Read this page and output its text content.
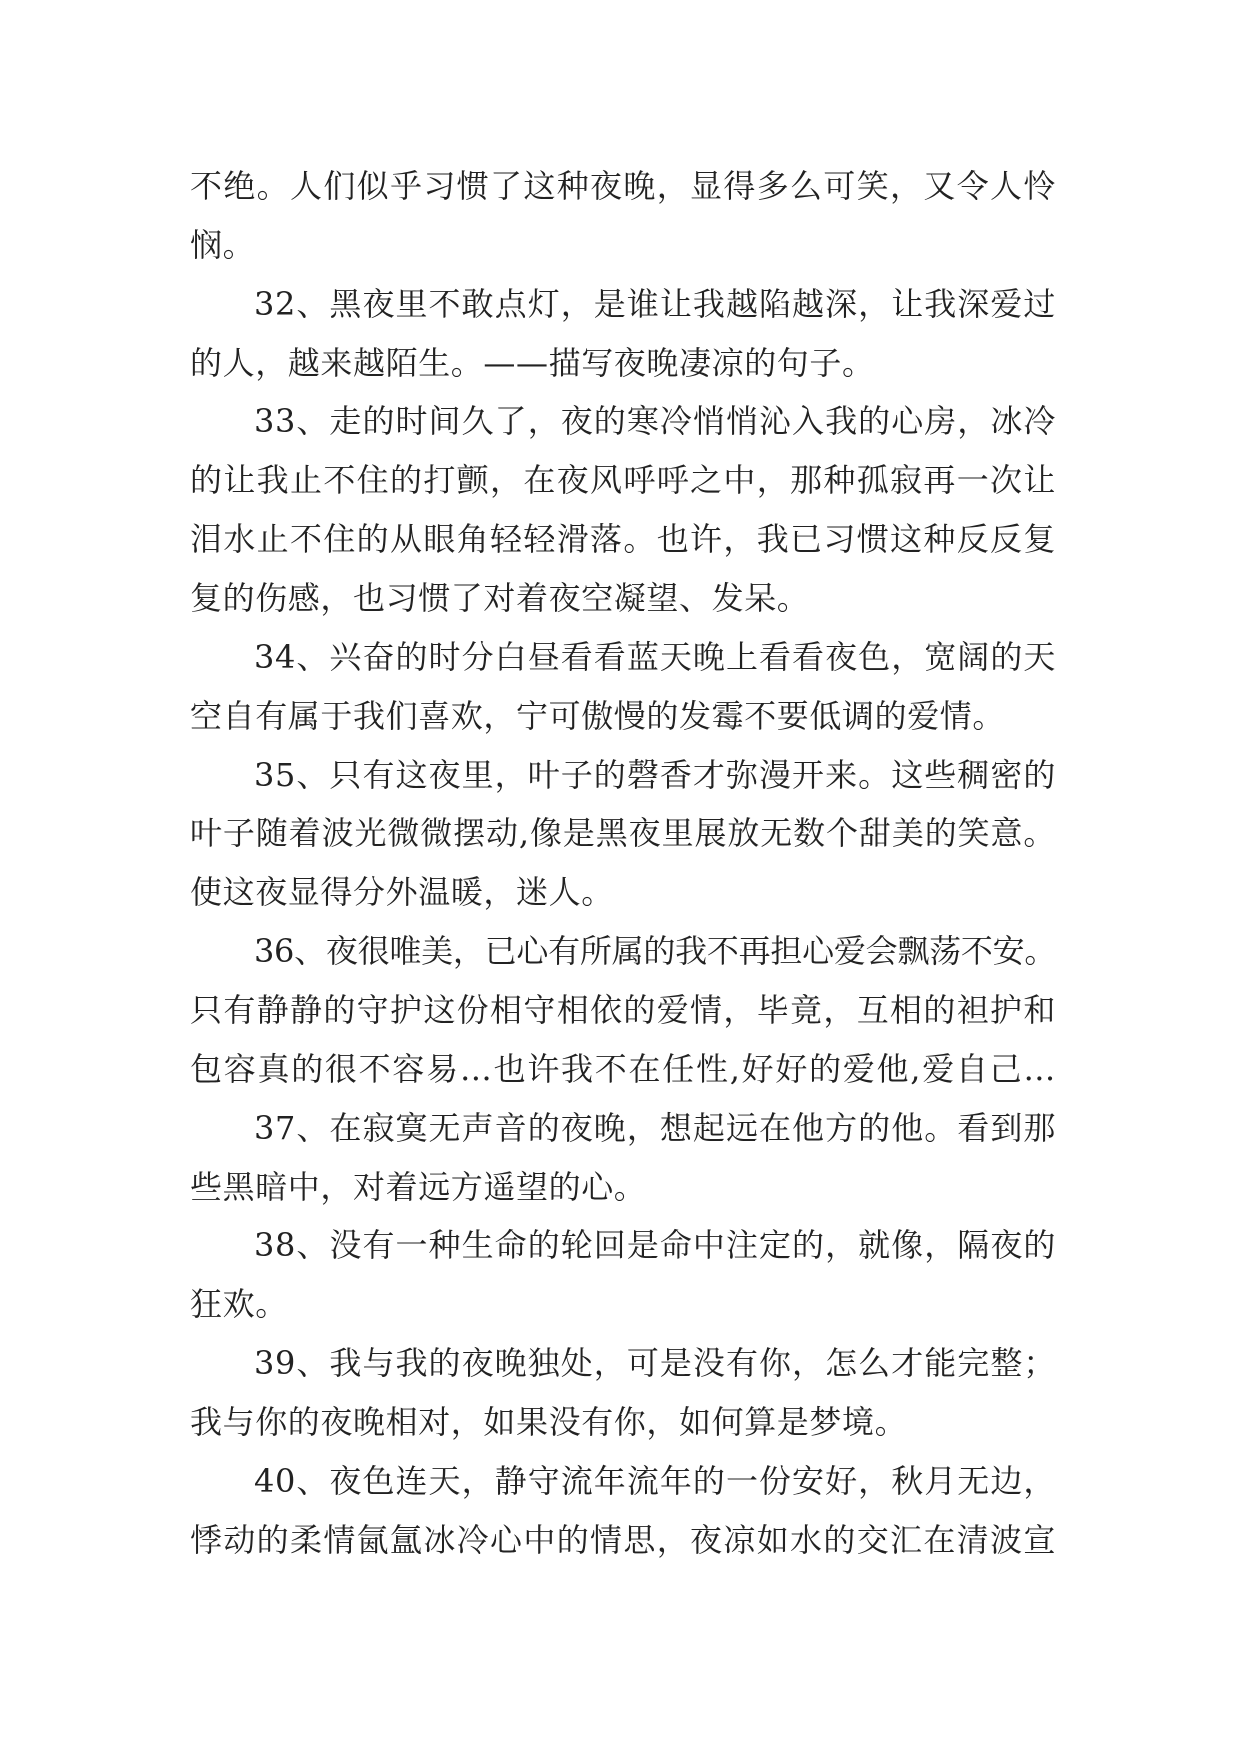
不绝。人们似乎习惯了这种夜晚，显得多么可笑，又令人怜
悯。
32、黑夜里不敢点灯，是谁让我越陷越深，让我深爱过
的人，越来越陌生。——描写夜晚凄凉的句子。
33、走的时间久了，夜的寒冷悄悄沁入我的心房，冰冷
的让我止不住的打颤，在夜风呼呼之中，那种孤寂再一次让
泪水止不住的从眼角轻轻滑落。也许，我已习惯这种反反复
复的伤感，也习惯了对着夜空凝望、发呆。
34、兴奋的时分白昼看看蓝天晚上看看夜色，宽阔的天
空自有属于我们喜欢，宁可傲慢的发霉不要低调的爱情。
35、只有这夜里，叶子的磬香才弥漫开来。这些稠密的
叶子随着波光微微摆动,像是黑夜里展放无数个甜美的笑意。
使这夜显得分外温暖，迷人。
36、夜很唯美，已心有所属的我不再担心爱会飘荡不安。
只有静静的守护这份相守相依的爱情，毕竟，互相的袒护和
包容真的很不容易…也许我不在任性,好好的爱他,爱自己…
37、在寂寞无声音的夜晚，想起远在他方的他。看到那
些黑暗中，对着远方遥望的心。
38、没有一种生命的轮回是命中注定的，就像，隔夜的
狂欢。
39、我与我的夜晚独处，可是没有你，怎么才能完整；
我与你的夜晚相对，如果没有你，如何算是梦境。
40、夜色连天，静守流年流年的一份安好，秋月无边，
悸动的柔情氤氲冰冷心中的情思，夜凉如水的交汇在清波宣
